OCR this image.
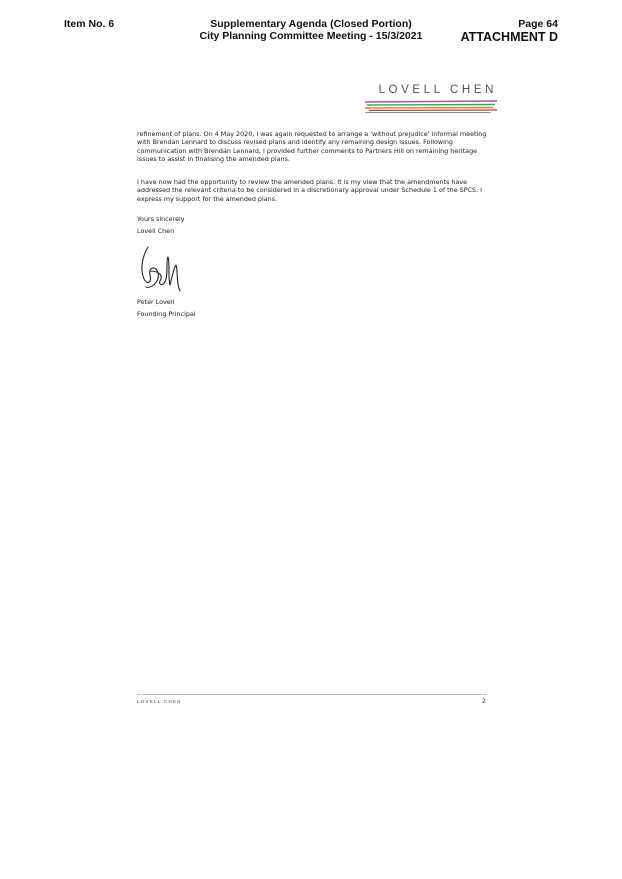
Item No. 6	Supplementary Agenda (Closed Portion)
City Planning Committee Meeting - 15/3/2021
Page 64
ATTACHMENT D
LOVELL CHEN
refinement of plans. On 4 May 2020, I was again requested to arrange a 'without prejudice' informal meeting with Brendan Lennard to discuss revised plans and identify any remaining design issues. Following communication with Brendan Lennard, I provided further comments to Partners Hill on remaining heritage issues to assist in finalising the amended plans.
I have now had the opportunity to review the amended plans. It is my view that the amendments have addressed the relevant criteria to be considered in a discretionary approval under Schedule 1 of the SPCS. I express my support for the amended plans.
Yours sincerely
Lovell Chen
Peter Lovell
Founding Principal
LOVELL CHEN	2
